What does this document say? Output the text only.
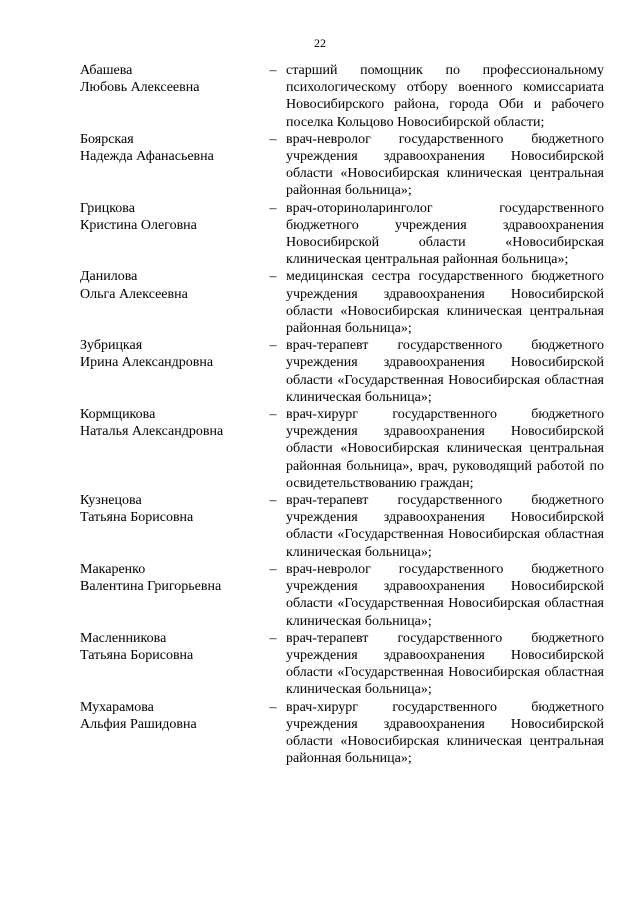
22
Абашева
Любовь Алексеевна
– старший помощник по профессиональному психологическому отбору военного комиссариата Новосибирского района, города Оби и рабочего поселка Кольцово Новосибирской области;
Боярская
Надежда Афанасьевна
– врач-невролог государственного бюджетного учреждения здравоохранения Новосибирской области «Новосибирская клиническая центральная районная больница»;
Грицкова
Кристина Олеговна
– врач-оториноларинголог государственного бюджетного учреждения здравоохранения Новосибирской области «Новосибирская клиническая центральная районная больница»;
Данилова
Ольга Алексеевна
– медицинская сестра государственного бюджетного учреждения здравоохранения Новосибирской области «Новосибирская клиническая центральная районная больница»;
Зубрицкая
Ирина Александровна
– врач-терапевт государственного бюджетного учреждения здравоохранения Новосибирской области «Государственная Новосибирская областная клиническая больница»;
Кормщикова
Наталья Александровна
– врач-хирург государственного бюджетного учреждения здравоохранения Новосибирской области «Новосибирская клиническая центральная районная больница», врач, руководящий работой по освидетельствованию граждан;
Кузнецова
Татьяна Борисовна
– врач-терапевт государственного бюджетного учреждения здравоохранения Новосибирской области «Государственная Новосибирская областная клиническая больница»;
Макаренко
Валентина Григорьевна
– врач-невролог государственного бюджетного учреждения здравоохранения Новосибирской области «Государственная Новосибирская областная клиническая больница»;
Масленникова
Татьяна Борисовна
– врач-терапевт государственного бюджетного учреждения здравоохранения Новосибирской области «Государственная Новосибирская областная клиническая больница»;
Мухарамова
Альфия Рашидовна
– врач-хирург государственного бюджетного учреждения здравоохранения Новосибирской области «Новосибирская клиническая центральная районная больница»;
